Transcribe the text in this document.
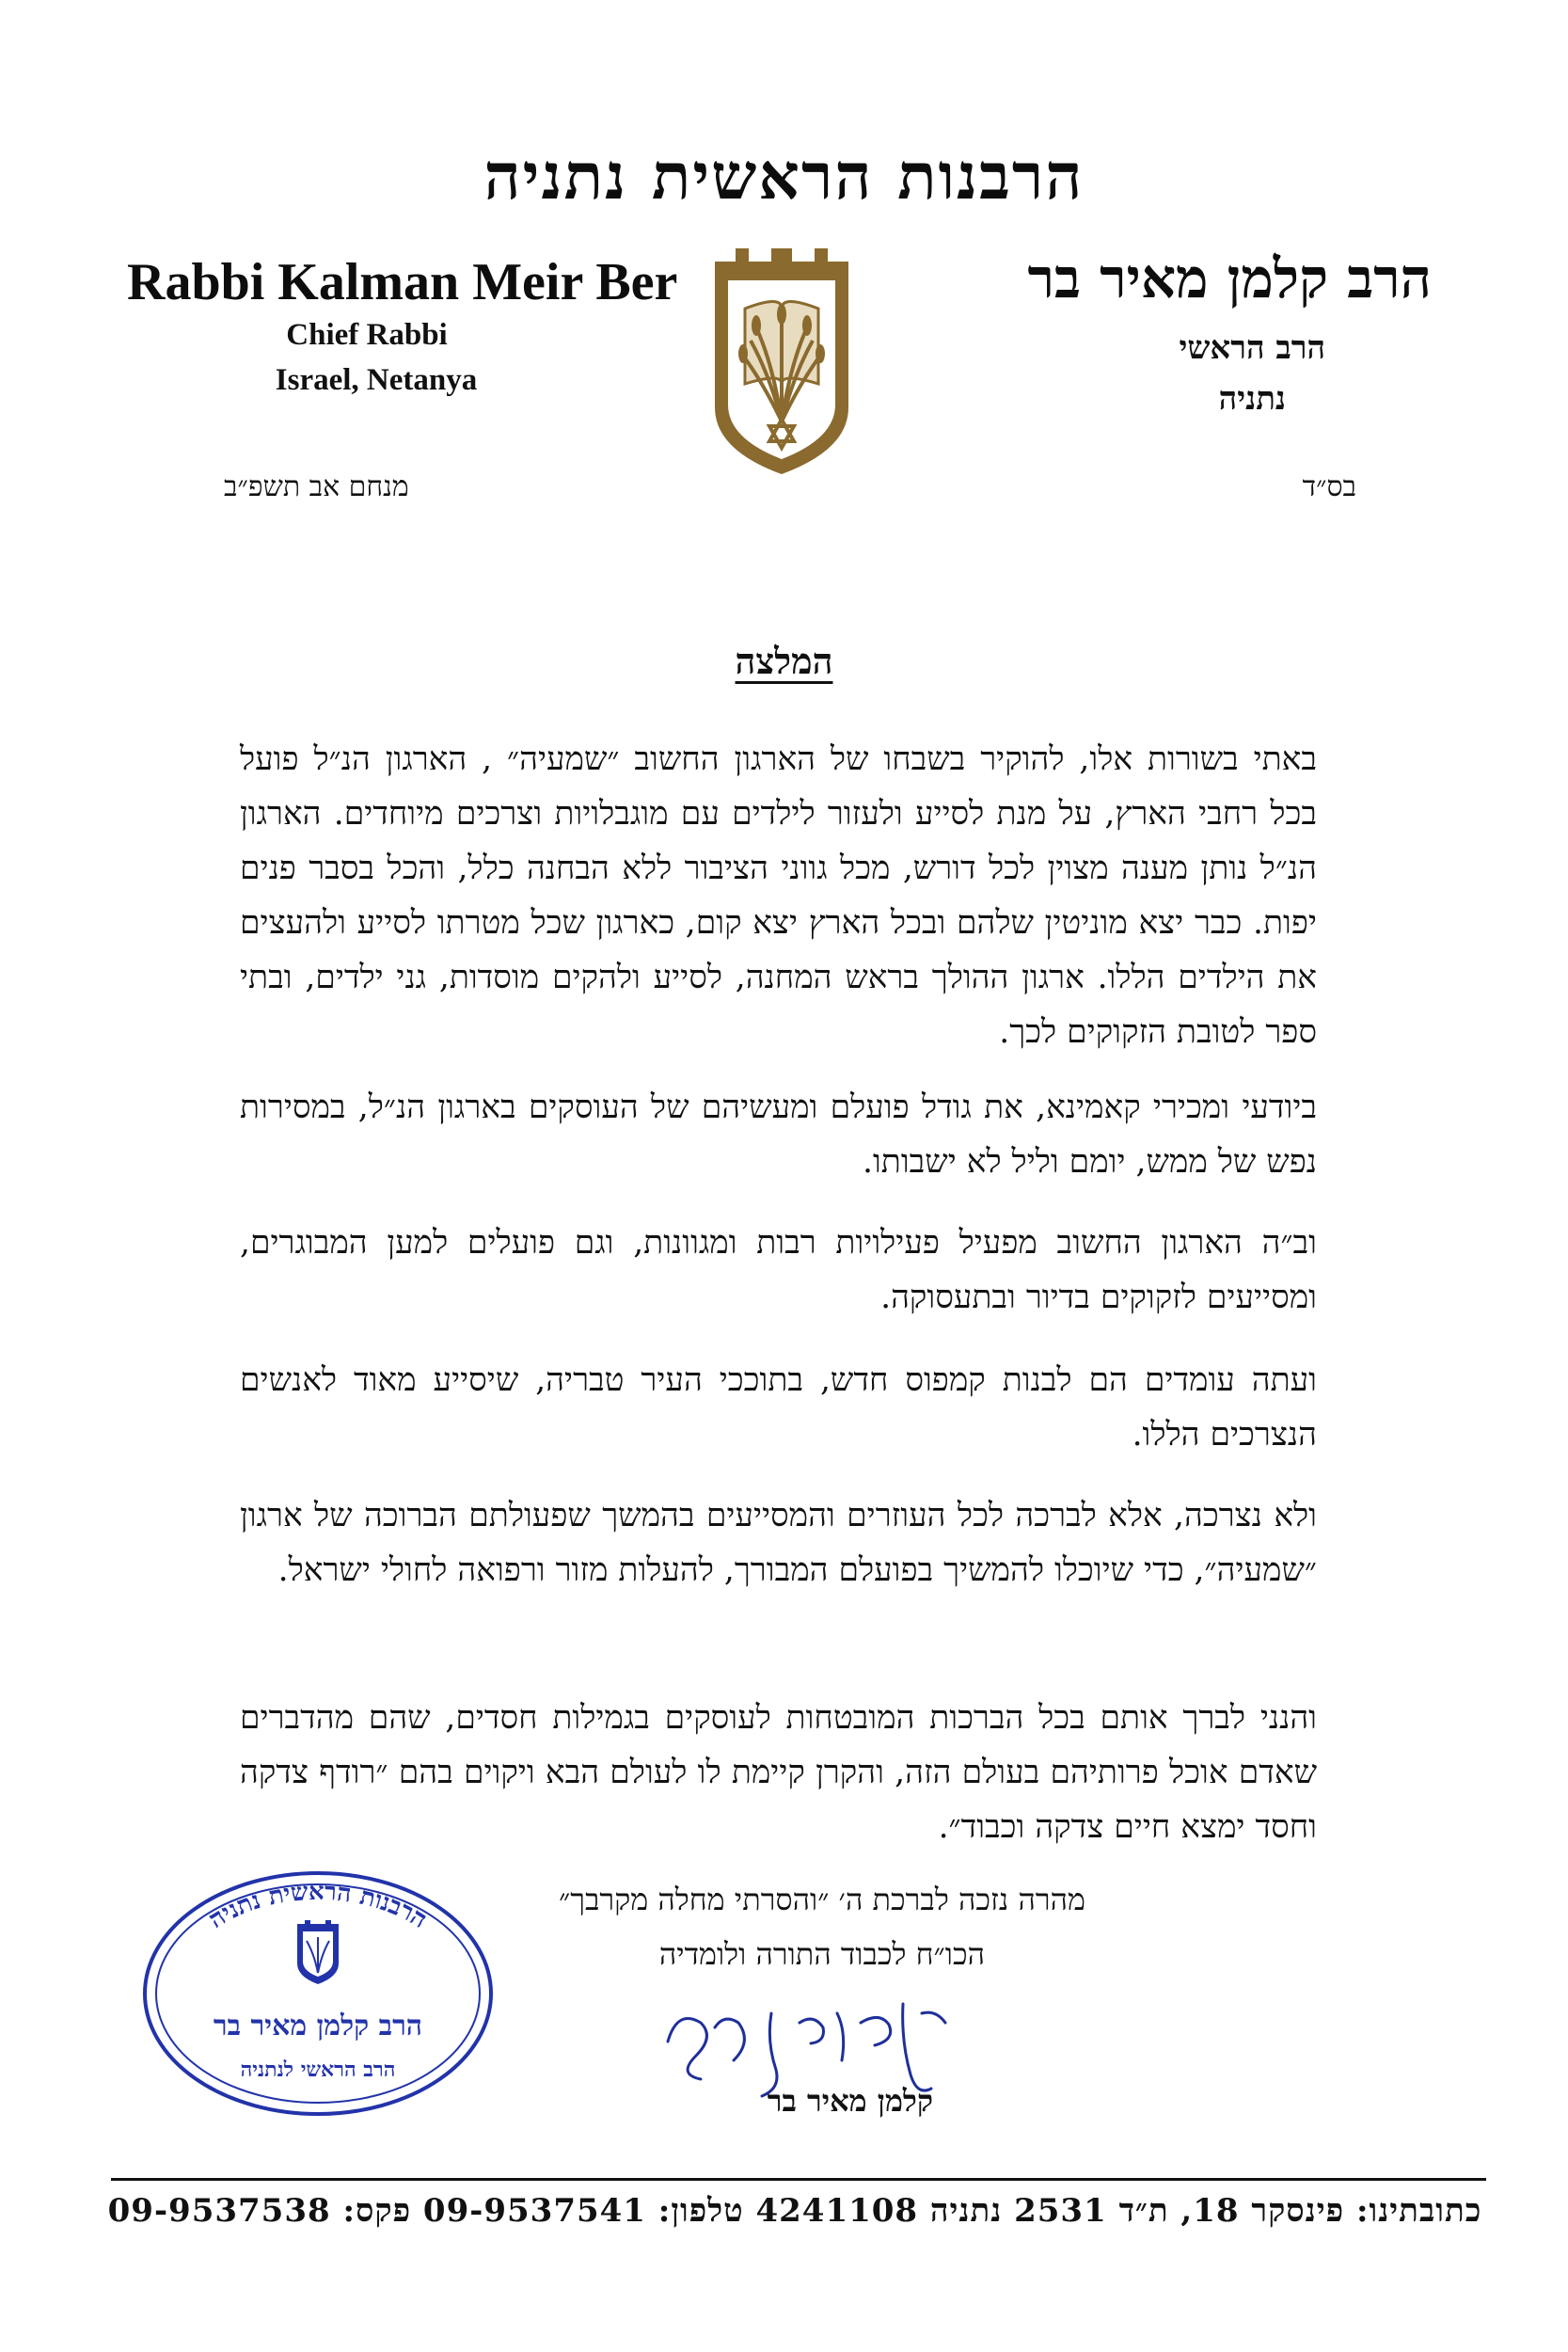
הרבנות הראשית נתניה
Rabbi Kalman Meir Ber
Chief Rabbi
Israel, Netanya
הרב קלמן מאיר בר
הרב הראשי
נתניה
מנחם אב תשפ״ב	בס״ד
המלצה
באתי בשורות אלו, להוקיר בשבחו של הארגון החשוב ״שמעיה״ , הארגון הנ״ל פועל בכל רחבי הארץ, על מנת לסייע ולעזור לילדים עם מוגבלויות וצרכים מיוחדים. הארגון הנ״ל נותן מענה מצוין לכל דורש, מכל גווני הציבור ללא הבחנה כלל, והכל בסבר פנים יפות. כבר יצא מוניטין שלהם ובכל הארץ יצא קום, כארגון שכל מטרתו לסייע ולהעצים את הילדים הללו. ארגון ההולך בראש המחנה, לסייע ולהקים מוסדות, גני ילדים, ובתי ספר לטובת הזקוקים לכך.
ביודעי ומכירי קאמינא, את גודל פועלם ומעשיהם של העוסקים בארגון הנ״ל, במסירות נפש של ממש, יומם וליל לא ישבותו.
וב״ה הארגון החשוב מפעיל פעילויות רבות ומגוונות, וגם פועלים למען המבוגרים, ומסייעים לזקוקים בדיור ובתעסוקה.
ועתה עומדים הם לבנות קמפוס חדש, בתוככי העיר טבריה, שיסייע מאוד לאנשים הנצרכים הללו.
ולא נצרכה, אלא לברכה לכל העוזרים והמסייעים בהמשך שפעולתם הברוכה של ארגון ״שמעיה״, כדי שיוכלו להמשיך בפועלם המבורך, להעלות מזור ורפואה לחולי ישראל.
והנני לברך אותם בכל הברכות המובטחות לעוסקים בגמילות חסדים, שהם מהדברים שאדם אוכל פרותיהם בעולם הזה, והקרן קיימת לו לעולם הבא ויקוים בהם ״רודף צדקה וחסד ימצא חיים צדקה וכבוד״.
מהרה נזכה לברכת ה׳ ״והסרתי מחלה מקרבך״
הכו״ח לכבוד התורה ולומדיה
קלמן מאיר בר
הרבנות הראשית נתניה
הרב קלמן מאיר בר
הרב הראשי לנתניה
כתובתינו: פינסקר 18, ת״ד 2531 נתניה 4241108 טלפון: 09-9537541 פקס: 09-9537538
